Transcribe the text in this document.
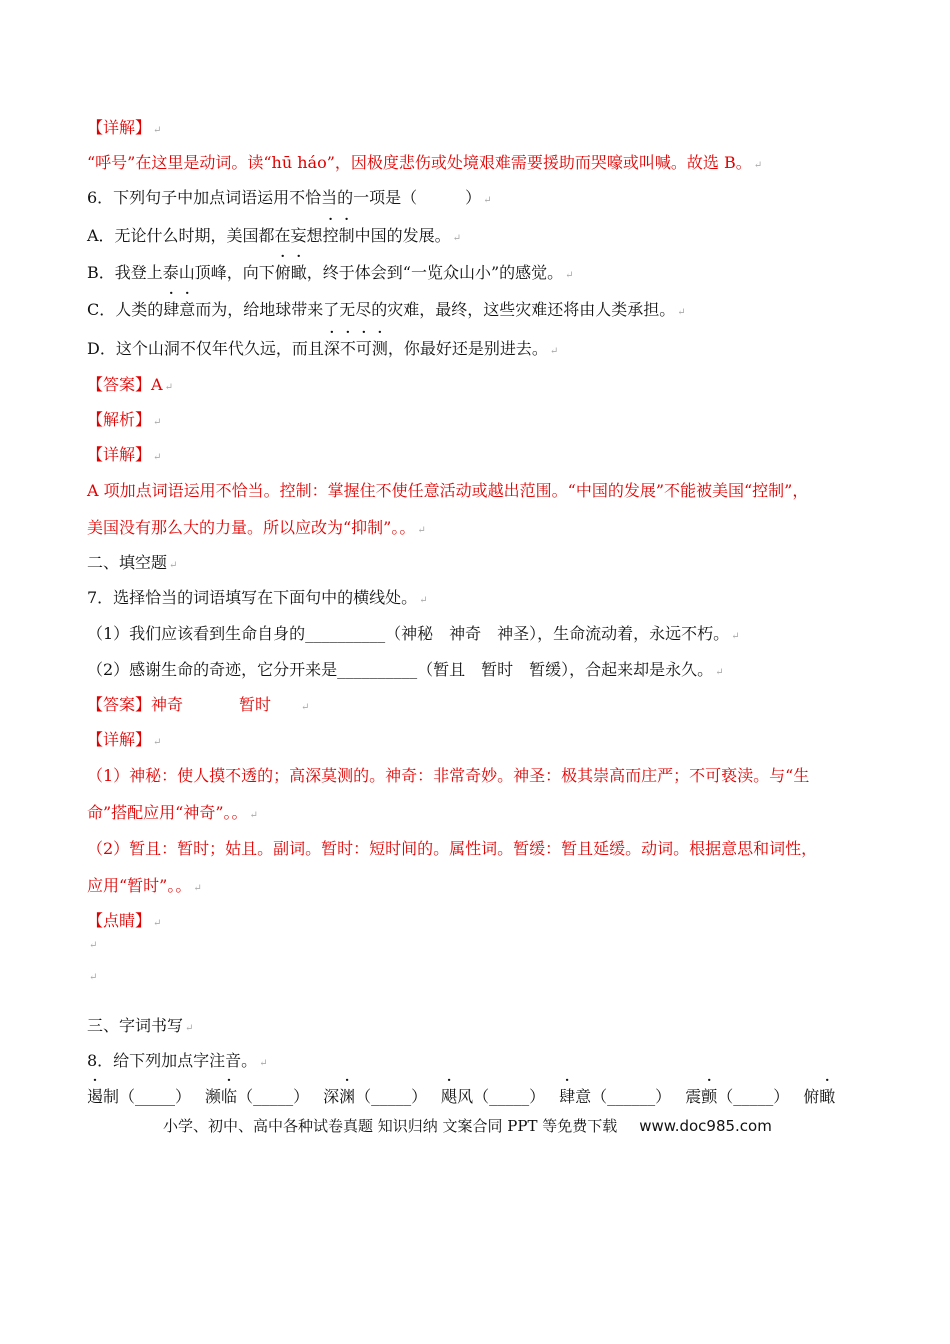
【详解】 ↵
“呼号”在这里是动词。读“hū háo”，因极度悲伤或处境艰难需要援助而哭嚎或叫喊。故选 B。 ↵
6．下列句子中加点词语运用不恰当的一项是（　　　） ↵
A．无论什么时期，美国都在妄想控制中国的发展。 ↵
B．我登上泰山顶峰，向下俯瞰，终于体会到“一览众山小”的感觉。 ↵
C．人类的肆意而为，给地球带来了无尽的灾难，最终，这些灾难还将由人类承担。 ↵
D．这个山洞不仅年代久远，而且深不可测，你最好还是别进去。 ↵
【答案】A ↵
【解析】 ↵
【详解】 ↵
A 项加点词语运用不恰当。控制：掌握住不使任意活动或越出范围。“中国的发展”不能被美国“控制”，
美国没有那么大的力量。所以应改为“抑制”。。 ↵
二、填空题 ↵
7．选择恰当的词语填写在下面句中的横线处。 ↵
（1）我们应该看到生命自身的__________（神秘　神奇　神圣），生命流动着，永远不朽。 ↵
（2）感谢生命的奇迹，它分开来是__________（暂且　暂时　暂缓），合起来却是永久。 ↵
【答案】神奇	暂时	↵
【详解】 ↵
（1）神秘：使人摸不透的；高深莫测的。神奇：非常奇妙。神圣：极其崇高而庄严；不可亵渎。与“生
命”搭配应用“神奇”。。 ↵
（2）暂且：暂时；姑且。副词。暂时：短时间的。属性词。暂缓：暂且延缓。动词。根据意思和词性，
应用“暂时”。。 ↵
【点睛】 ↵
↵
↵
三、字词书写 ↵
8．给下列加点字注音。 ↵
遏制（_____） 濒临（_____） 深渊（_____） 飓风（_____） 肆意（______） 震颤（_____） 俯瞰
小学、初中、高中各种试卷真题 知识归纳 文案合同 PPT 等免费下载 www.doc985.com
